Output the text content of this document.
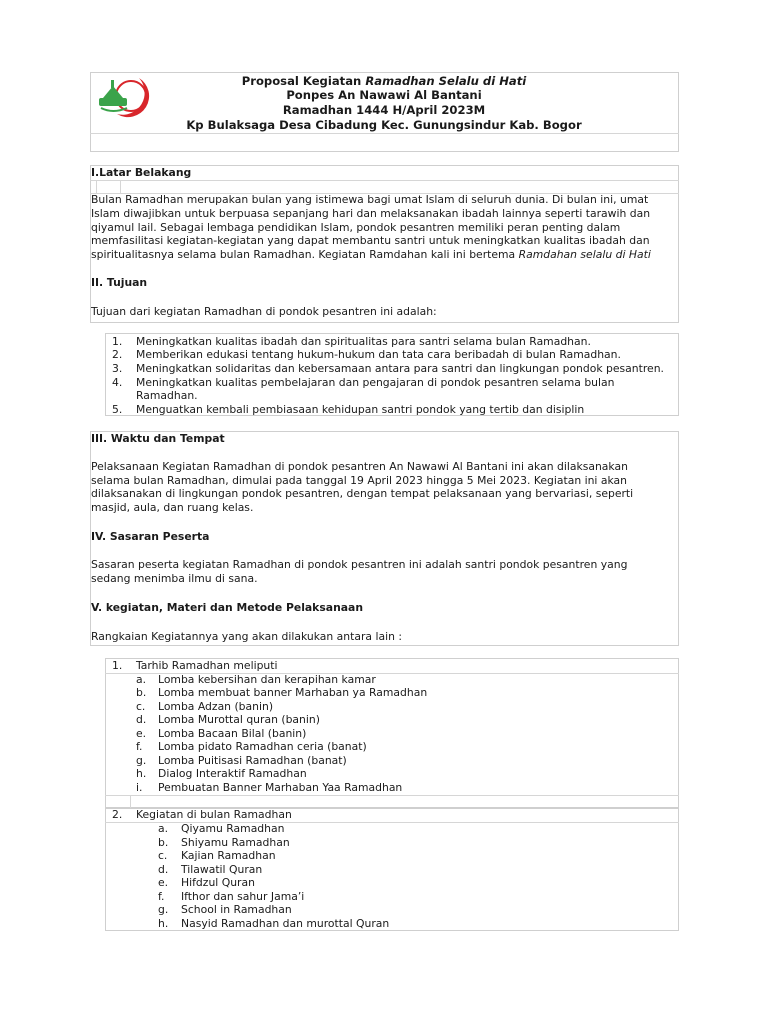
Proposal Kegiatan Ramadhan Selalu di Hati
Ponpes An Nawawi Al Bantani
Ramadhan 1444 H/April 2023M
Kp Bulaksaga Desa Cibadung Kec. Gunungsindur Kab. Bogor
I.Latar Belakang
Bulan Ramadhan merupakan bulan yang istimewa bagi umat Islam di seluruh dunia. Di bulan ini, umat
Islam diwajibkan untuk berpuasa sepanjang hari dan melaksanakan ibadah lainnya seperti tarawih dan
qiyamul lail. Sebagai lembaga pendidikan Islam, pondok pesantren memiliki peran penting dalam
memfasilitasi kegiatan-kegiatan yang dapat membantu santri untuk meningkatkan kualitas ibadah dan
spiritualitasnya selama bulan Ramadhan. Kegiatan Ramdahan kali ini bertema Ramdahan selalu di Hati
II. Tujuan
Tujuan dari kegiatan Ramadhan di pondok pesantren ini adalah:
1. Meningkatkan kualitas ibadah dan spiritualitas para santri selama bulan Ramadhan.
2. Memberikan edukasi tentang hukum-hukum dan tata cara beribadah di bulan Ramadhan.
3. Meningkatkan solidaritas dan kebersamaan antara para santri dan lingkungan pondok pesantren.
4. Meningkatkan kualitas pembelajaran dan pengajaran di pondok pesantren selama bulan
Ramadhan.
5. Menguatkan kembali pembiasaan kehidupan santri pondok yang tertib dan disiplin
III. Waktu dan Tempat
Pelaksanaan Kegiatan Ramadhan di pondok pesantren An Nawawi Al Bantani ini akan dilaksanakan
selama bulan Ramadhan, dimulai pada tanggal 19 April 2023 hingga 5 Mei 2023. Kegiatan ini akan
dilaksanakan di lingkungan pondok pesantren, dengan tempat pelaksanaan yang bervariasi, seperti
masjid, aula, dan ruang kelas.
IV. Sasaran Peserta
Sasaran peserta kegiatan Ramadhan di pondok pesantren ini adalah santri pondok pesantren yang
sedang menimba ilmu di sana.
V. kegiatan, Materi dan Metode Pelaksanaan
Rangkaian Kegiatannya yang akan dilakukan antara lain :
1. Tarhib Ramadhan meliputi
a. Lomba kebersihan dan kerapihan kamar
b. Lomba membuat banner Marhaban ya Ramadhan
c. Lomba Adzan (banin)
d. Lomba Murottal quran (banin)
e. Lomba Bacaan Bilal (banin)
f. Lomba pidato Ramadhan ceria (banat)
g. Lomba Puitisasi Ramadhan (banat)
h. Dialog Interaktif Ramadhan
i. Pembuatan Banner Marhaban Yaa Ramadhan
2. Kegiatan di bulan Ramadhan
a. Qiyamu Ramadhan
b. Shiyamu Ramadhan
c. Kajian Ramadhan
d. Tilawatil Quran
e. Hifdzul Quran
f. Ifthor dan sahur Jama’i
g. School in Ramadhan
h. Nasyid Ramadhan dan murottal Quran
